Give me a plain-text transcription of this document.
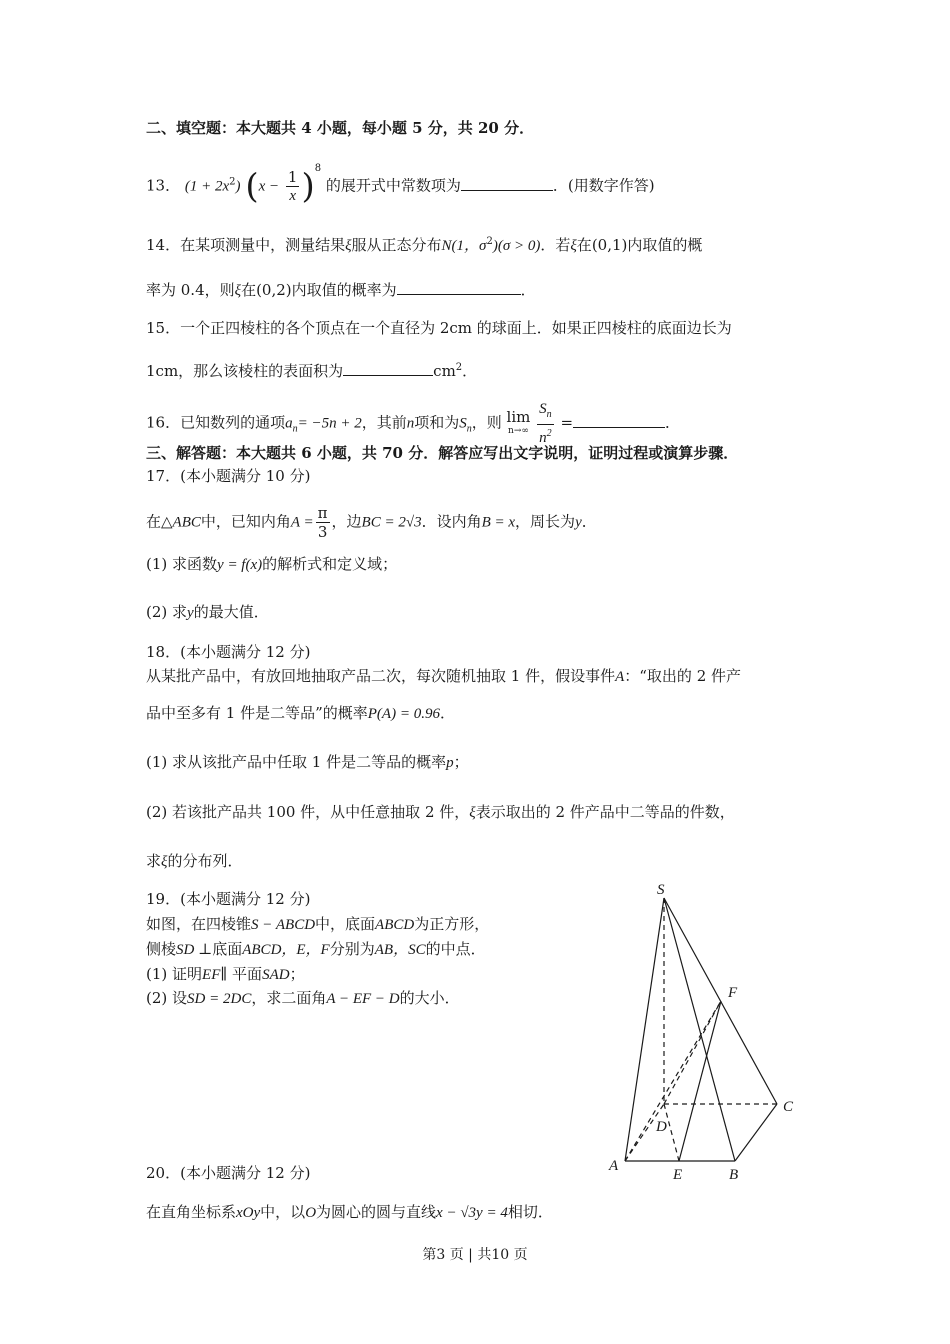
二、填空题：本大题共 4 小题，每小题 5 分，共 20 分．
13． $(1 + 2x^2)$ $(x - \frac{1}{x} )^8$ 的展开式中常数项为	．(用数字作答)
14．在某项测量中，测量结果ξ服从正态分布N(1，$\sigma^2)(\sigma > 0)$．若ξ在(0,1)内取值的概
率为 0.4，则ξ在(0,2)内取值的概率为	．
15．一个正四棱柱的各个顶点在一个直径为 2cm 的球面上．如果正四棱柱的底面边长为
1cm，那么该棱柱的表面积为	$cm^2$．
16．已知数列的通项$a_n= -5n + 2$，其前n项和为$S_n$，则 lim
n→∞
$\frac{S_n}{n^2}$ =	．
三、解答题：本大题共 6 小题，共 70 分．解答应写出文字说明，证明过程或演算步骤．
17．(本小题满分 10 分)
在△ABC中，已知内角$A = \frac{\pi}{3}$ ，边BC = 2√3．设内角B = x，周长为y．
(1) 求函数y = f(x)的解析式和定义域；
(2) 求y的最大值．
18．(本小题满分 12 分)
从某批产品中，有放回地抽取产品二次，每次随机抽取 1 件，假设事件A：“取出的 2 件产
品中至多有 1 件是二等品”的概率P(A) = 0.96．
(1) 求从该批产品中任取 1 件是二等品的概率p；
(2) 若该批产品共 100 件，从中任意抽取 2 件，ξ表示取出的 2 件产品中二等品的件数，
求ξ的分布列．
19．(本小题满分 12 分)
如图，在四棱锥S − ABCD中，底面ABCD为正方形，
侧棱SD ⊥底面ABCD，E，F分别为AB，SC的中点．
(1) 证明EF∥ 平面SAD；
(2) 设SD = 2DC，求二面角A − EF − D的大小．
S
F
C
D
A
E	B
20．(本小题满分 12 分)
在直角坐标系xOy中，以O为圆心的圆与直线x − √3y = 4相切．
第3 页 | 共10 页
